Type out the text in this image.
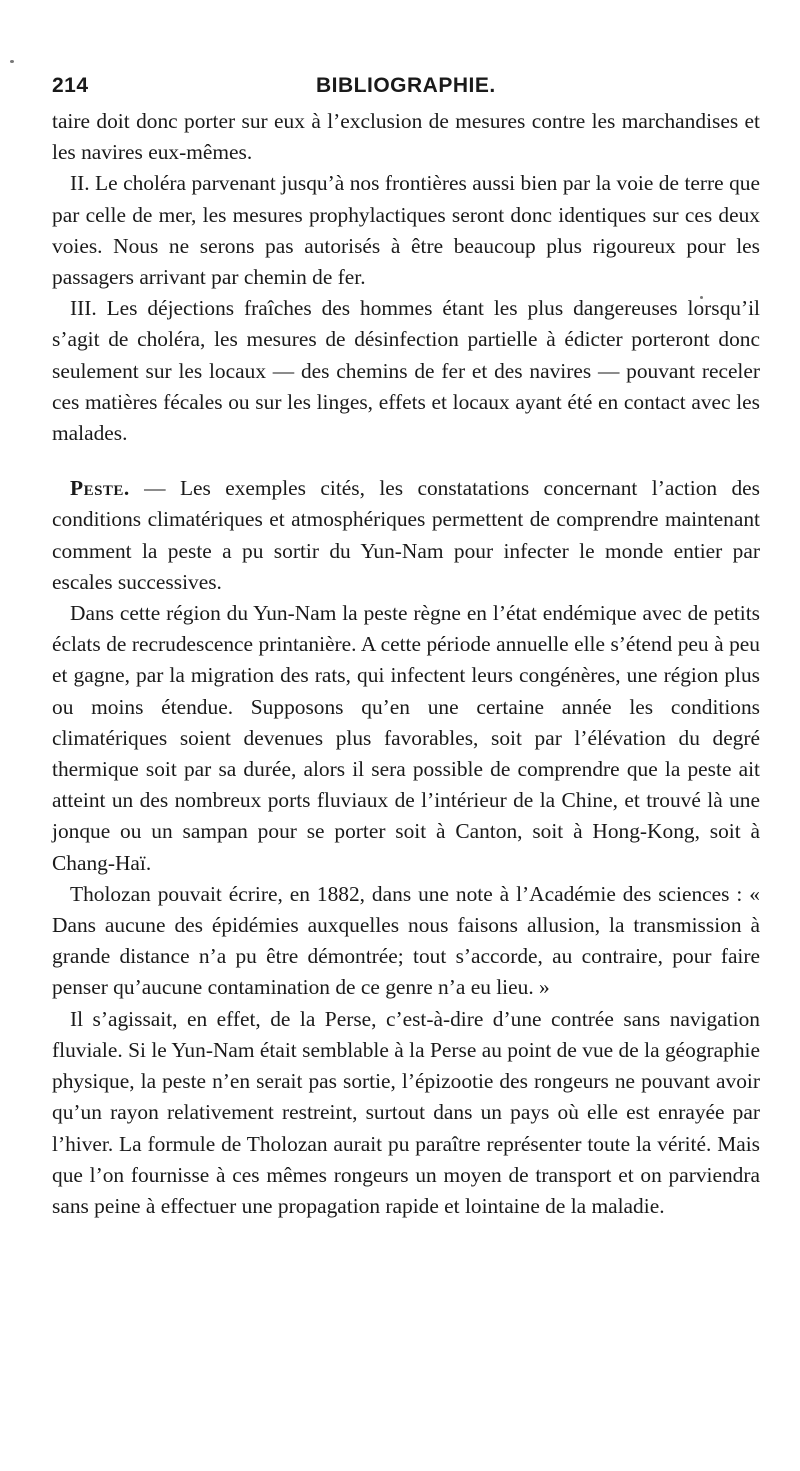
214	BIBLIOGRAPHIE.

taire doit donc porter sur eux à l’exclusion de mesures contre les marchandises et les navires eux-mêmes.

II. Le choléra parvenant jusqu’à nos frontières aussi bien par la voie de terre que par celle de mer, les mesures prophylactiques seront donc identiques sur ces deux voies. Nous ne serons pas autorisés à être beaucoup plus rigoureux pour les passagers arrivant par chemin de fer.

III. Les déjections fraîches des hommes étant les plus dangereuses lorsqu’il s’agit de choléra, les mesures de désinfection partielle à édicter porteront donc seulement sur les locaux — des chemins de fer et des navires — pouvant receler ces matières fécales ou sur les linges, effets et locaux ayant été en contact avec les malades.

Peste. — Les exemples cités, les constatations concernant l’action des conditions climatériques et atmosphériques permettent de comprendre maintenant comment la peste a pu sortir du Yun-Nam pour infecter le monde entier par escales successives.

Dans cette région du Yun-Nam la peste règne en l’état endémique avec de petits éclats de recrudescence printanière. A cette période annuelle elle s’étend peu à peu et gagne, par la migration des rats, qui infectent leurs congénères, une région plus ou moins étendue. Supposons qu’en une certaine année les conditions climatériques soient devenues plus favorables, soit par l’élévation du degré thermique soit par sa durée, alors il sera possible de comprendre que la peste ait atteint un des nombreux ports fluviaux de l’intérieur de la Chine, et trouvé là une jonque ou un sampan pour se porter soit à Canton, soit à Hong-Kong, soit à Chang-Haï.

Tholozan pouvait écrire, en 1882, dans une note à l’Académie des sciences : « Dans aucune des épidémies auxquelles nous faisons allusion, la transmission à grande distance n’a pu être démontrée; tout s’accorde, au contraire, pour faire penser qu’aucune contamination de ce genre n’a eu lieu. »

Il s’agissait, en effet, de la Perse, c’est-à-dire d’une contrée sans navigation fluviale. Si le Yun-Nam était semblable à la Perse au point de vue de la géographie physique, la peste n’en serait pas sortie, l’épizootie des rongeurs ne pouvant avoir qu’un rayon relativement restreint, surtout dans un pays où elle est enrayée par l’hiver. La formule de Tholozan aurait pu paraître représenter toute la vérité. Mais que l’on fournisse à ces mêmes rongeurs un moyen de transport et on parviendra sans peine à effectuer une propagation rapide et lointaine de la maladie.
